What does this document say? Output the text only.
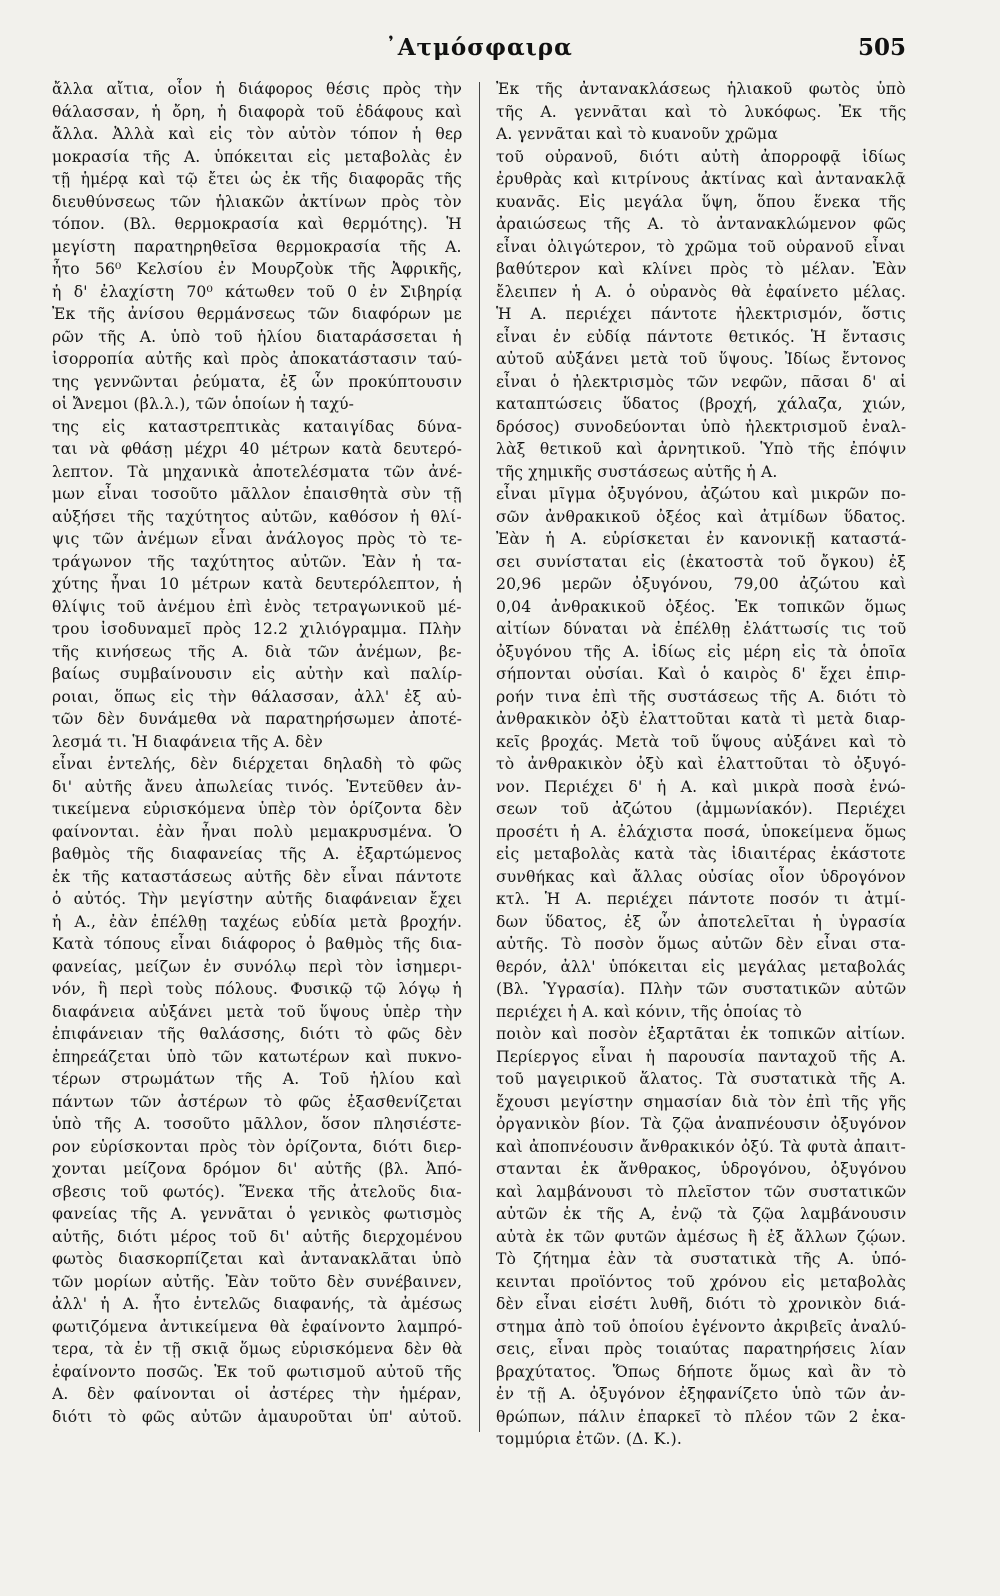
᾿Ατμόσφαιρα	505
ἄλλα αἴτια, οἷον ἡ διάφορος θέσις πρὸς τὴν
θάλασσαν, ἡ ὄρη, ἡ διαφορὰ τοῦ ἐδάφους καὶ
ἄλλα. Ἀλλὰ καὶ εἰς τὸν αὐτὸν τόπον ἡ θερ
μοκρασία τῆς Α. ὑπόκειται εἰς μεταβολὰς ἐν
τῇ ἡμέρᾳ καὶ τῷ ἔτει ὡς ἐκ τῆς διαφορᾶς τῆς
διευθύνσεως τῶν ἡλιακῶν ἀκτίνων πρὸς τὸν
τόπον. (Βλ. θερμοκρασία καὶ θερμότης). Ἡ
μεγίστη παρατηρηθεῖσα θερμοκρασία τῆς Α.
ἦτο 56⁰ Κελσίου ἐν Μουρζοὺκ τῆς Ἀφρικῆς,
ἡ δ' ἐλαχίστη 70⁰ κάτωθεν τοῦ 0 ἐν Σιβηρίᾳ
Ἐκ τῆς ἀνίσου θερμάνσεως τῶν διαφόρων με
ρῶν τῆς Α. ὑπὸ τοῦ ἡλίου διαταράσσεται ἡ
ἰσορροπία αὐτῆς καὶ πρὸς ἀποκατάστασιν ταύ-
της γεννῶνται ῥεύματα, ἐξ ὧν προκύπτουσιν
οἱ Ἄνεμοι (βλ.λ.), τῶν ὁποίων ἡ ταχύ-
της εἰς καταστρεπτικὰς καταιγίδας δύνα-
ται νὰ φθάσῃ μέχρι 40 μέτρων κατὰ δευτερό-
λεπτον. Τὰ μηχανικὰ ἀποτελέσματα τῶν ἀνέ-
μων εἶναι τοσοῦτο μᾶλλον ἐπαισθητὰ σὺν τῇ
αὐξήσει τῆς ταχύτητος αὐτῶν, καθόσον ἡ θλί-
ψις τῶν ἀνέμων εἶναι ἀνάλογος πρὸς τὸ τε-
τράγωνον τῆς ταχύτητος αὐτῶν. Ἐὰν ἡ τα-
χύτης ἦναι 10 μέτρων κατὰ δευτερόλεπτον, ἡ
θλίψις τοῦ ἀνέμου ἐπὶ ἑνὸς τετραγωνικοῦ μέ-
τρου ἰσοδυναμεῖ πρὸς 12.2 χιλιόγραμμα. Πλὴν
τῆς κινήσεως τῆς Α. διὰ τῶν ἀνέμων, βε-
βαίως συμβαίνουσιν εἰς αὐτὴν καὶ παλίρ-
ροιαι, ὅπως εἰς τὴν θάλασσαν, ἀλλ' ἐξ αὐ-
τῶν δὲν δυνάμεθα νὰ παρατηρήσωμεν ἀποτέ-
λεσμά τι. Ἡ διαφάνεια τῆς Α. δὲν
εἶναι ἐντελής, δὲν διέρχεται δηλαδὴ τὸ φῶς
δι' αὐτῆς ἄνευ ἀπωλείας τινός. Ἐντεῦθεν ἀν-
τικείμενα εὑρισκόμενα ὑπὲρ τὸν ὁρίζοντα δὲν
φαίνονται. ἐὰν ἦναι πολὺ μεμακρυσμένα. Ὁ
βαθμὸς τῆς διαφανείας τῆς Α. ἐξαρτώμενος
ἐκ τῆς καταστάσεως αὐτῆς δὲν εἶναι πάντοτε
ὁ αὐτός. Τὴν μεγίστην αὐτῆς διαφάνειαν ἔχει
ἡ Α., ἐὰν ἐπέλθῃ ταχέως εὐδία μετὰ βροχήν.
Κατὰ τόπους εἶναι διάφορος ὁ βαθμὸς τῆς δια-
φανείας, μείζων ἐν συνόλῳ περὶ τὸν ἰσημερι-
νόν, ἢ περὶ τοὺς πόλους. Φυσικῷ τῷ λόγῳ ἡ
διαφάνεια αὐξάνει μετὰ τοῦ ὕψους ὑπὲρ τὴν
ἐπιφάνειαν τῆς θαλάσσης, διότι τὸ φῶς δὲν
ἐπηρεάζεται ὑπὸ τῶν κατωτέρων καὶ πυκνο-
τέρων στρωμάτων τῆς Α. Τοῦ ἡλίου καὶ
πάντων τῶν ἀστέρων τὸ φῶς ἐξασθενίζεται
ὑπὸ τῆς Α. τοσοῦτο μᾶλλον, ὅσον πλησιέστε-
ρον εὑρίσκονται πρὸς τὸν ὁρίζοντα, διότι διερ-
χονται μείζονα δρόμον δι' αὐτῆς (βλ. Ἀπό-
σβεσις τοῦ φωτός). Ἕνεκα τῆς ἀτελοῦς δια-
φανείας τῆς Α. γεννᾶται ὁ γενικὸς φωτισμὸς
αὐτῆς, διότι μέρος τοῦ δι' αὐτῆς διερχομένου
φωτὸς διασκορπίζεται καὶ ἀντανακλᾶται ὑπὸ
τῶν μορίων αὐτῆς. Ἐὰν τοῦτο δὲν συνέβαινεν,
ἀλλ' ἡ Α. ἦτο ἐντελῶς διαφανής, τὰ ἀμέσως
φωτιζόμενα ἀντικείμενα θὰ ἐφαίνοντο λαμπρό-
τερα, τὰ ἐν τῇ σκιᾷ ὅμως εὑρισκόμενα δὲν θὰ
ἐφαίνοντο ποσῶς. Ἐκ τοῦ φωτισμοῦ αὐτοῦ τῆς
Α. δὲν φαίνονται οἱ ἀστέρες τὴν ἡμέραν,
διότι τὸ φῶς αὐτῶν ἀμαυροῦται ὑπ' αὐτοῦ.
Ἐκ τῆς ἀντανακλάσεως ἡλιακοῦ φωτὸς ὑπὸ
τῆς Α. γεννᾶται καὶ τὸ λυκόφως. Ἐκ τῆς
Α. γεννᾶται καὶ τὸ κυανοῦν χρῶμα
τοῦ οὐρανοῦ, διότι αὐτὴ ἀπορροφᾷ ἰδίως
ἐρυθρὰς καὶ κιτρίνους ἀκτίνας καὶ ἀντανακλᾷ
κυανᾶς. Εἰς μεγάλα ὕψη, ὅπου ἕνεκα τῆς
ἀραιώσεως τῆς Α. τὸ ἀντανακλώμενον φῶς
εἶναι ὀλιγώτερον, τὸ χρῶμα τοῦ οὐρανοῦ εἶναι
βαθύτερον καὶ κλίνει πρὸς τὸ μέλαν. Ἐὰν
ἔλειπεν ἡ Α. ὁ οὐρανὸς θὰ ἐφαίνετο μέλας.
Ἡ Α. περιέχει πάντοτε ἠλεκτρισμόν, ὅστις
εἶναι ἐν εὐδίᾳ πάντοτε θετικός. Ἡ ἔντασις
αὐτοῦ αὐξάνει μετὰ τοῦ ὕψους. Ἰδίως ἔντονος
εἶναι ὁ ἠλεκτρισμὸς τῶν νεφῶν, πᾶσαι δ' αἱ
καταπτώσεις ὕδατος (βροχή, χάλαζα, χιών,
δρόσος) συνοδεύονται ὑπὸ ἠλεκτρισμοῦ ἐναλ-
λὰξ θετικοῦ καὶ ἀρνητικοῦ. Ὑπὸ τῆς ἐπόψιν
τῆς χημικῆς συστάσεως αὐτῆς ἡ Α.
εἶναι μῖγμα ὀξυγόνου, ἀζώτου καὶ μικρῶν πο-
σῶν ἀνθρακικοῦ ὀξέος καὶ ἀτμίδων ὕδατος.
Ἐὰν ἡ Α. εὑρίσκεται ἐν κανονικῇ καταστά-
σει συνίσταται εἰς (ἑκατοστὰ τοῦ ὄγκου) ἐξ
20,96 μερῶν ὀξυγόνου, 79,00 ἀζώτου καὶ
0,04 ἀνθρακικοῦ ὀξέος. Ἐκ τοπικῶν ὅμως
αἰτίων δύναται νὰ ἐπέλθῃ ἐλάττωσίς τις τοῦ
ὀξυγόνου τῆς Α. ἰδίως εἰς μέρη εἰς τὰ ὁποῖα
σήπονται οὐσίαι. Καὶ ὁ καιρὸς δ' ἔχει ἐπιρ-
ροήν τινα ἐπὶ τῆς συστάσεως τῆς Α. διότι τὸ
ἀνθρακικὸν ὀξὺ ἐλαττοῦται κατὰ τὶ μετὰ διαρ-
κεῖς βροχάς. Μετὰ τοῦ ὕψους αὐξάνει καὶ τὸ
τὸ ἀνθρακικὸν ὀξὺ καὶ ἐλαττοῦται τὸ ὀξυγό-
νον. Περιέχει δ' ἡ Α. καὶ μικρὰ ποσὰ ἑνώ-
σεων τοῦ ἀζώτου (ἀμμωνίακόν). Περιέχει
προσέτι ἡ Α. ἐλάχιστα ποσά, ὑποκείμενα ὅμως
εἰς μεταβολὰς κατὰ τὰς ἰδιαιτέρας ἑκάστοτε
συνθήκας καὶ ἄλλας οὐσίας οἷον ὑδρογόνον
κτλ. Ἡ Α. περιέχει πάντοτε ποσόν τι ἀτμί-
δων ὕδατος, ἐξ ὧν ἀποτελεῖται ἡ ὑγρασία
αὐτῆς. Τὸ ποσὸν ὅμως αὐτῶν δὲν εἶναι στα-
θερόν, ἀλλ' ὑπόκειται εἰς μεγάλας μεταβολάς
(Βλ. Ὑγρασία). Πλὴν τῶν συστατικῶν αὐτῶν
περιέχει ἡ Α. καὶ κόνιν, τῆς ὁποίας τὸ
ποιὸν καὶ ποσὸν ἐξαρτᾶται ἐκ τοπικῶν αἰτίων.
Περίεργος εἶναι ἡ παρουσία πανταχοῦ τῆς Α.
τοῦ μαγειρικοῦ ἅλατος. Τὰ συστατικὰ τῆς Α.
ἔχουσι μεγίστην σημασίαν διὰ τὸν ἐπὶ τῆς γῆς
ὀργανικὸν βίον. Τὰ ζῷα ἀναπνέουσιν ὀξυγόνον
καὶ ἀποπνέουσιν ἄνθρακικόν ὀξύ. Τὰ φυτὰ ἀπαιτ-
στανται ἐκ ἄνθρακος, ὑδρογόνου, ὀξυγόνου
καὶ λαμβάνουσι τὸ πλεῖστον τῶν συστατικῶν
αὐτῶν ἐκ τῆς Α, ἐνῷ τὰ ζῷα λαμβάνουσιν
αὐτὰ ἐκ τῶν φυτῶν ἀμέσως ἢ ἐξ ἄλλων ζῴων.
Τὸ ζήτημα ἐὰν τὰ συστατικὰ τῆς Α. ὑπό-
κεινται προϊόντος τοῦ χρόνου εἰς μεταβολὰς
δὲν εἶναι εἰσέτι λυθῆ, διότι τὸ χρονικὸν διά-
στημα ἀπὸ τοῦ ὁποίου ἐγένοντο ἀκριβεῖς ἀναλύ-
σεις, εἶναι πρὸς τοιαύτας παρατηρήσεις λίαν
βραχύτατος. Ὅπως δήποτε ὅμως καὶ ἂν τὸ
ἐν τῇ Α. ὀξυγόνον ἐξηφανίζετο ὑπὸ τῶν ἀν-
θρώπων, πάλιν ἐπαρκεῖ τὸ πλέον τῶν 2 ἑκα-
τομμύρια ἐτῶν. (Δ. Κ.).
